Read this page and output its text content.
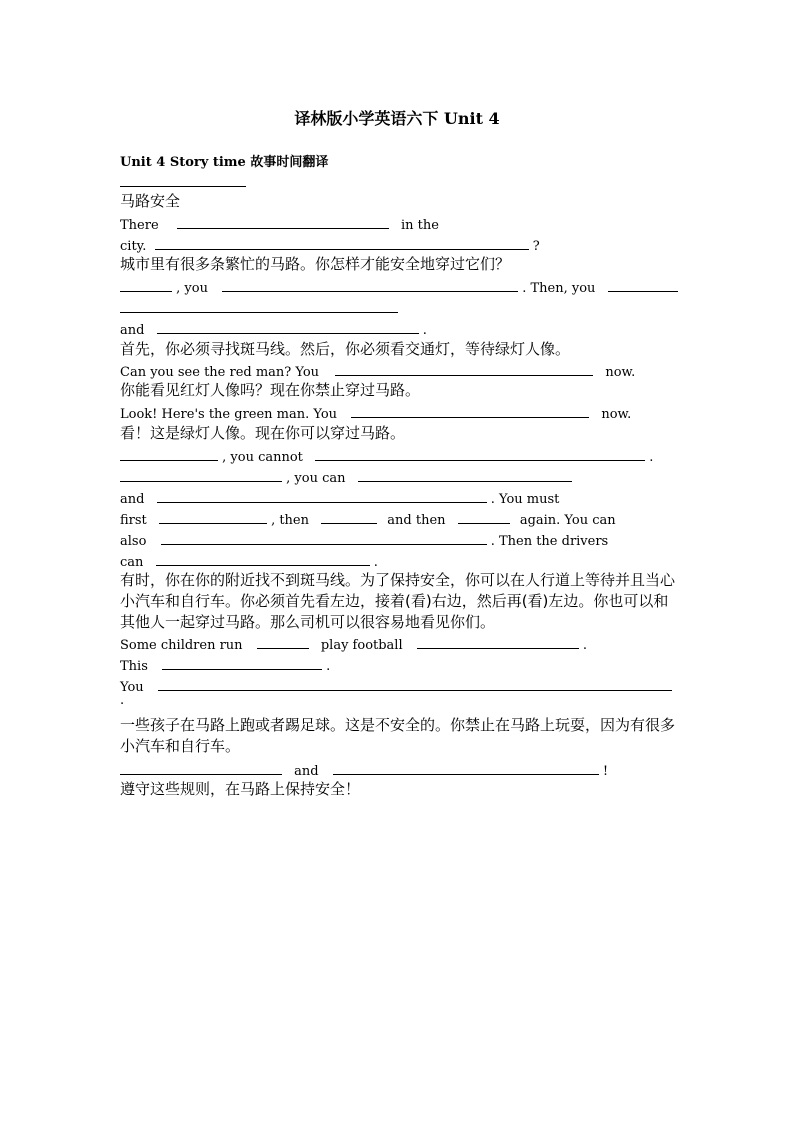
译林版小学英语六下 Unit 4
Unit 4 Story time 故事时间翻译
马路安全
There	in the
city.	?
城市里有很多条繁忙的马路。你怎样才能安全地穿过它们？
, you	. Then, you
and	.
首先，你必须寻找斑马线。然后，你必须看交通灯，等待绿灯人像。
Can you see the red man? You	now.
你能看见红灯人像吗？现在你禁止穿过马路。
Look! Here's the green man. You	now.
看！这是绿灯人像。现在你可以穿过马路。
, you cannot	.
, you can
and	. You must
first	, then	and then	again. You can
also	. Then the drivers
can	.
有时，你在你的附近找不到斑马线。为了保持安全，你可以在人行道上等待并且当心小汽车和自行车。你必须首先看左边，接着(看)右边，然后再(看)左边。你也可以和其他人一起穿过马路。那么司机可以很容易地看见你们。
Some children run	play football	.
This	.
You
.
一些孩子在马路上跑或者踢足球。这是不安全的。你禁止在马路上玩耍，因为有很多小汽车和自行车。
and	!
遵守这些规则，在马路上保持安全！
